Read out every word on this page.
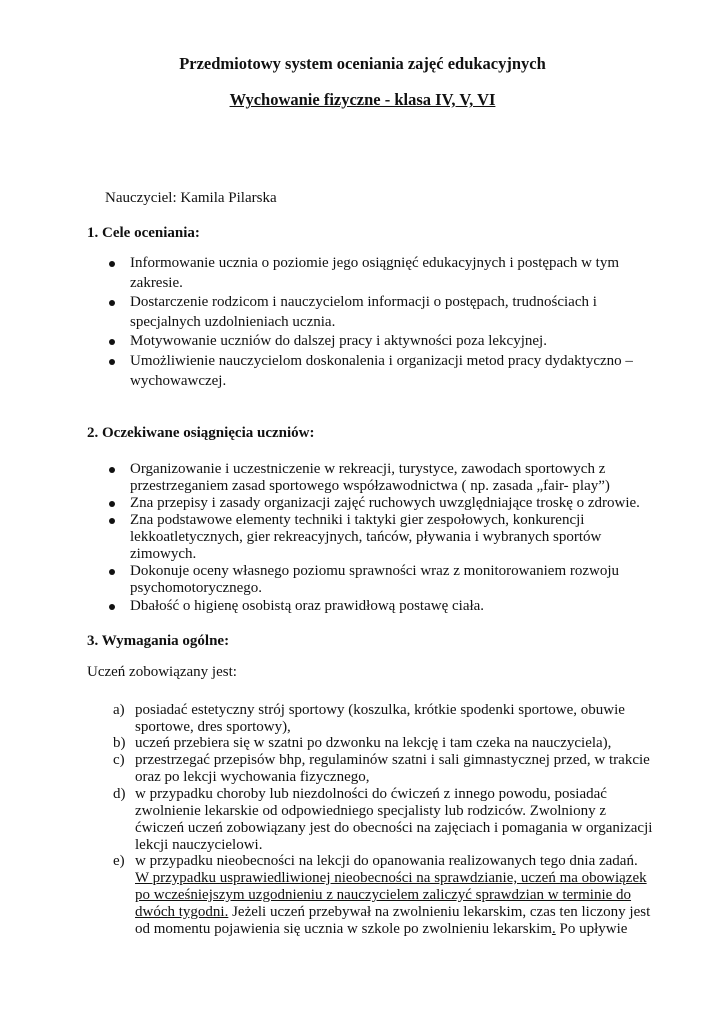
Przedmiotowy system oceniania zajęć edukacyjnych
Wychowanie fizyczne - klasa IV, V, VI
Nauczyciel: Kamila Pilarska
1. Cele oceniania:
Informowanie ucznia o poziomie jego osiągnięć edukacyjnych i postępach w tym
zakresie.
Dostarczenie rodzicom i nauczycielom informacji o postępach, trudnościach i
specjalnych uzdolnieniach ucznia.
Motywowanie uczniów do dalszej pracy i aktywności poza lekcyjnej.
Umożliwienie nauczycielom doskonalenia i organizacji metod pracy dydaktyczno –
wychowawczej.
2. Oczekiwane osiągnięcia uczniów:
Organizowanie i uczestniczenie w rekreacji, turystyce, zawodach sportowych z
przestrzeganiem zasad sportowego współzawodnictwa ( np. zasada „fair- play”)
Zna przepisy i zasady organizacji zajęć ruchowych uwzględniające troskę o zdrowie.
Zna podstawowe elementy techniki i taktyki gier zespołowych, konkurencji
lekkoatletycznych, gier rekreacyjnych, tańców, pływania i wybranych sportów
zimowych.
Dokonuje oceny własnego poziomu sprawności wraz z monitorowaniem rozwoju
psychomotorycznego.
Dbałość o higienę osobistą oraz prawidłową postawę ciała.
3. Wymagania ogólne:
Uczeń zobowiązany jest:
a) posiadać estetyczny strój sportowy (koszulka, krótkie spodenki sportowe, obuwie
sportowe, dres sportowy),
b) uczeń przebiera się w szatni po dzwonku na lekcję i tam czeka na nauczyciela),
c) przestrzegać przepisów bhp, regulaminów szatni i sali gimnastycznej przed, w trakcie
oraz po lekcji wychowania fizycznego,
d) w przypadku choroby lub niezdolności do ćwiczeń z innego powodu, posiadać
zwolnienie lekarskie od odpowiedniego specjalisty lub rodziców. Zwolniony z
ćwiczeń uczeń zobowiązany jest do obecności na zajęciach i pomagania w organizacji
lekcji nauczycielowi.
e) w przypadku nieobecności na lekcji do opanowania realizowanych tego dnia zadań.
W przypadku usprawiedliwionej nieobecności na sprawdzianie, uczeń ma obowiązek
po wcześniejszym uzgodnieniu z nauczycielem zaliczyć sprawdzian w terminie do
dwóch tygodni. Jeżeli uczeń przebywał na zwolnieniu lekarskim, czas ten liczony jest
od momentu pojawienia się ucznia w szkole po zwolnieniu lekarskim. Po upływie
